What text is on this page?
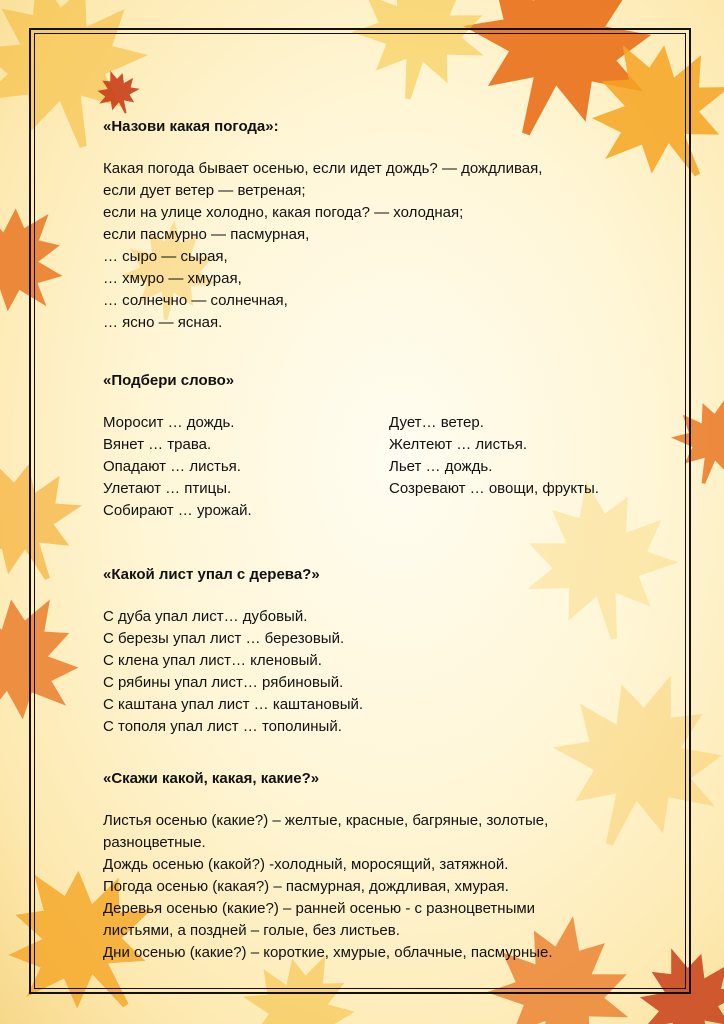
«Назови какая погода»:

Какая погода бывает осенью, если идет дождь? — дождливая,
если дует ветер — ветреная;
если на улице холодно, какая погода? — холодная;
если пасмурно — пасмурная,
… сыро — сырая,
… хмуро — хмурая,
… солнечно — солнечная,
… ясно — ясная.

«Подбери слово»

Моросит … дождь.
Вянет … трава.
Опадают … листья.
Улетают … птицы.
Собирают … урожай.
Дует… ветер.
Желтеют … листья.
Льет … дождь.
Созревают … овощи, фрукты.

«Какой лист упал с дерева?»

С дуба упал лист… дубовый.
С березы упал лист … березовый.
С клена упал лист… кленовый.
С рябины упал лист… рябиновый.
С каштана упал лист … каштановый.
С тополя упал лист … тополиный.

«Скажи какой, какая, какие?»

Листья осенью (какие?) – желтые, красные, багряные, золотые,
разноцветные.
Дождь осенью (какой?) -холодный, моросящий, затяжной.
Погода осенью (какая?) – пасмурная, дождливая, хмурая.
Деревья осенью (какие?) – ранней осенью - с разноцветными
листьями, а поздней – голые, без листьев.
Дни осенью (какие?) – короткие, хмурые, облачные, пасмурные.
